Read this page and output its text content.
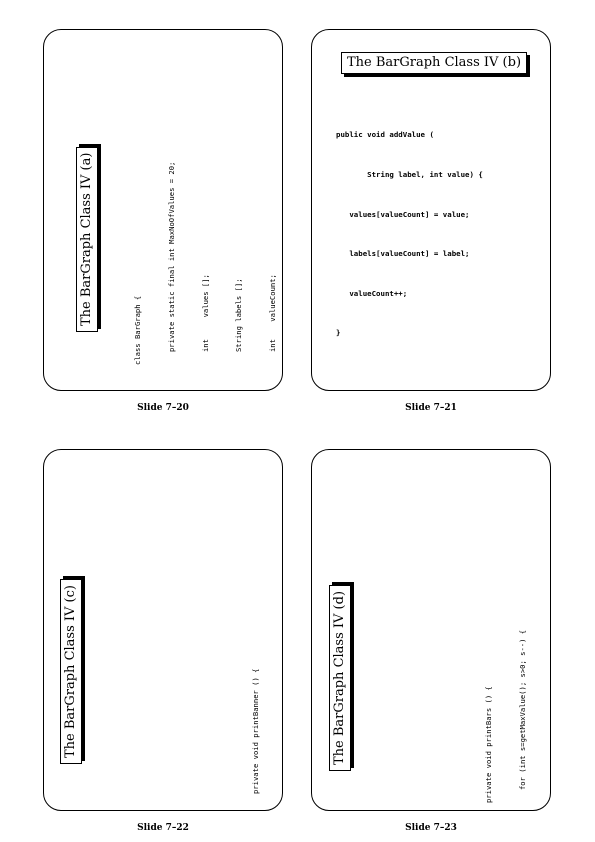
The BarGraph Class IV (a)

class BarGraph {

	private static final int MaxNoOfValues = 20;

	int     values [];

	String labels [];

	int    valueCount;

Slide 7–20
The BarGraph Class IV (b)

public void addValue (

String label, int value) {

values[valueCount] = value;

labels[valueCount] = label;

valueCount++;

}

Slide 7–21
The BarGraph Class IV (c)

	private void printBanner () {

Slide 7–22
The BarGraph Class IV (d)

	private void printBars () {

	for (int s=getMaxValue(); s>0; s--) {

Slide 7–23
